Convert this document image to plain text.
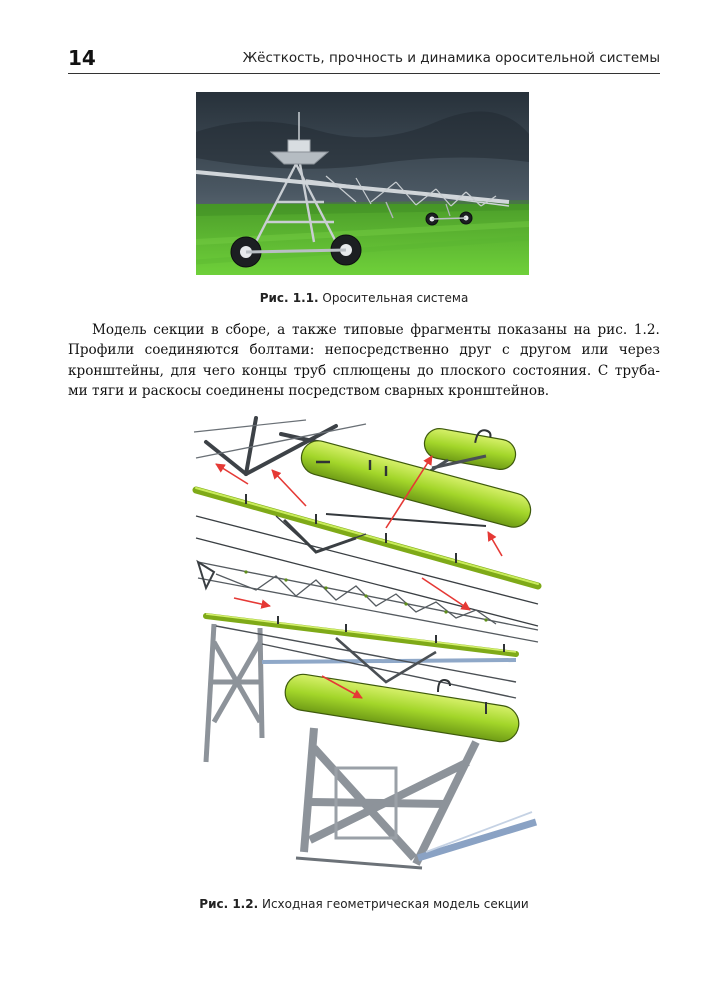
14	Жёсткость, прочность и динамика оросительной системы
Рис. 1.1. Оросительная система
Модель секции в сборе, а также типовые фрагменты показаны на рис. 1.2.
Профили соединяются болтами: непосредственно друг с другом или через
кронштейны, для чего концы труб сплющены до плоского состояния. С труба-
ми тяги и раскосы соединены посредством сварных кронштейнов.
Рис. 1.2. Исходная геометрическая модель секции
